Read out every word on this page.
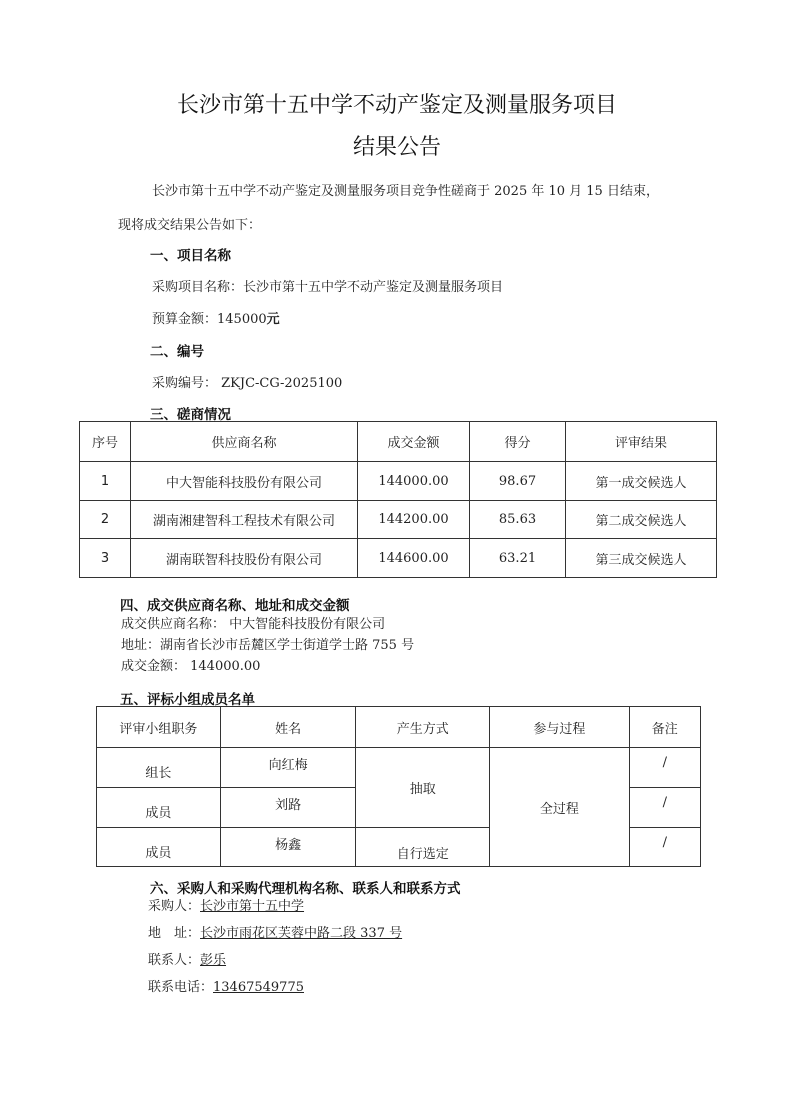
长沙市第十五中学不动产鉴定及测量服务项目
结果公告
长沙市第十五中学不动产鉴定及测量服务项目竞争性磋商于 2025 年 10 月 15 日结束，
现将成交结果公告如下：
一、项目名称
采购项目名称：长沙市第十五中学不动产鉴定及测量服务项目
预算金额：145000元
二、编号
采购编号： ZKJC-CG-2025100
三、磋商情况
序号	供应商名称	成交金额	得分	评审结果
1	中大智能科技股份有限公司	144000.00	98.67	第一成交候选人
2	湖南湘建智科工程技术有限公司	144200.00	85.63	第二成交候选人
3	湖南联智科技股份有限公司	144600.00	63.21	第三成交候选人
四、成交供应商名称、地址和成交金额
成交供应商名称： 中大智能科技股份有限公司
地址：湖南省长沙市岳麓区学士街道学士路 755 号
成交金额： 144000.00
五、评标小组成员名单
评审小组职务	姓名	产生方式	参与过程	备注
组长	向红梅	抽取	全过程	/
成员	刘路			/
成员	杨鑫	自行选定		/
六、采购人和采购代理机构名称、联系人和联系方式
采购人：长沙市第十五中学
地　址：长沙市雨花区芙蓉中路二段 337 号
联系人：彭乐
联系电话：13467549775
